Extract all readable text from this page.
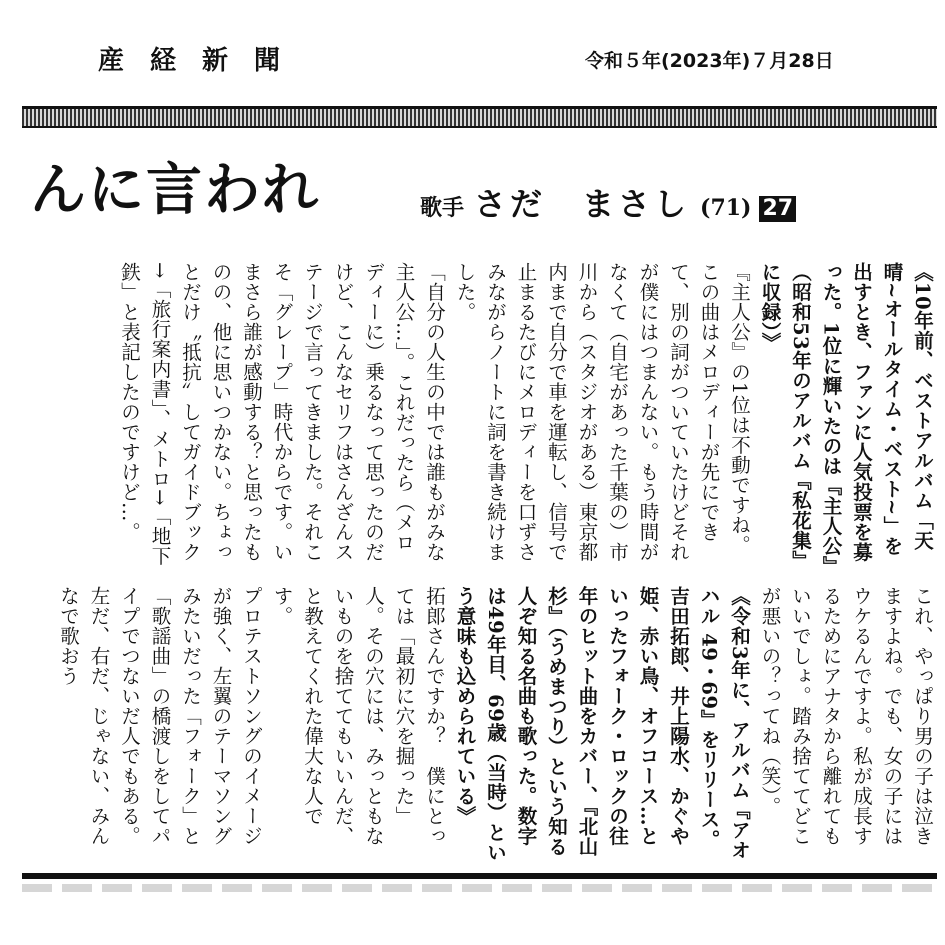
産経新聞	令和５年(2023年)７月28日
んに言われ	歌手 さだ　まさし (71) 27

《10年前、ベストアルバム「天晴~オールタイム・ベスト~」を出すとき、ファンに人気投票を募った。1位に輝いたのは『主人公』（昭和53年のアルバム『私花集』に収録）》

『主人公』の1位は不動ですね。この曲はメロディーが先にできて、別の詞がついていたけどそれが僕にはつまんない。もう時間がなくて（自宅があった千葉の）市川から（スタジオがある）東京都内まで自分で車を運転し、信号で止まるたびにメロディーを口ずさみながらノートに詞を書き続けました。

「自分の人生の中では誰もがみな主人公…」。これだったら（メロディーに）乗るなって思ったのだけど、こんなセリフはさんざんステージで言ってきました。それこそ「グレープ」時代からです。いまさら誰が感動する？と思ったものの、他に思いつかない。ちょっとだけ〝抵抗〟してガイドブック→「旅行案内書」、メトロ→「地下鉄」と表記したのですけど…。

これ、やっぱり男の子は泣きますよね。でも、女の子にはウケるんですよ。私が成長するためにアナタから離れてもいいでしょ。踏み捨ててどこが悪いの？ってね（笑）。

《令和3年に、アルバム『アオハル 49・69』をリリース。吉田拓郎、井上陽水、かぐや姫、赤い鳥、オフコース…といったフォーク・ロックの往年のヒット曲をカバー、『北山杉』（うめまつり）という知る人ぞ知る名曲も歌った。数字は49年目、69歳（当時）という意味も込められている》

拓郎さんですか？　僕にとっては「最初に穴を掘った」人。その穴には、みっともないものを捨ててもいいんだ、と教えてくれた偉大な人です。

プロテストソングのイメージが強く、左翼のテーマソングみたいだった「フォーク」と「歌謡曲」の橋渡しをしてパイプでつないだ人でもある。左だ、右だ、じゃない、みんなで歌おう
